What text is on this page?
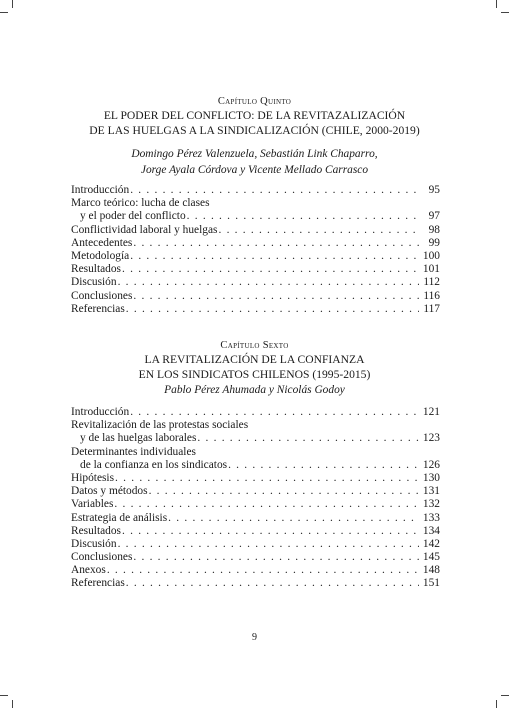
Capítulo Quinto
EL PODER DEL CONFLICTO: DE LA REVITAZALIZACIÓN
DE LAS HUELGAS A LA SINDICALIZACIÓN (CHILE, 2000-2019)
Domingo Pérez Valenzuela, Sebastián Link Chaparro,
Jorge Ayala Córdova y Vicente Mellado Carrasco
Introducción . . .	95
Marco teórico: lucha de clases
y el poder del conflicto . . .	97
Conflictividad laboral y huelgas . . .	98
Antecedentes . . .	99
Metodología . . .	100
Resultados . . .	101
Discusión . . .	112
Conclusiones . . .	116
Referencias . . .	117
Capítulo Sexto
LA REVITALIZACIÓN DE LA CONFIANZA
EN LOS SINDICATOS CHILENOS (1995-2015)
Pablo Pérez Ahumada y Nicolás Godoy
Introducción . . .	121
Revitalización de las protestas sociales
y de las huelgas laborales . . .	123
Determinantes individuales
de la confianza en los sindicatos . . .	126
Hipótesis . . .	130
Datos y métodos . . .	131
Variables . . .	132
Estrategia de análisis . . .	133
Resultados . . .	134
Discusión . . .	142
Conclusiones . . .	145
Anexos . . .	148
Referencias . . .	151
9
